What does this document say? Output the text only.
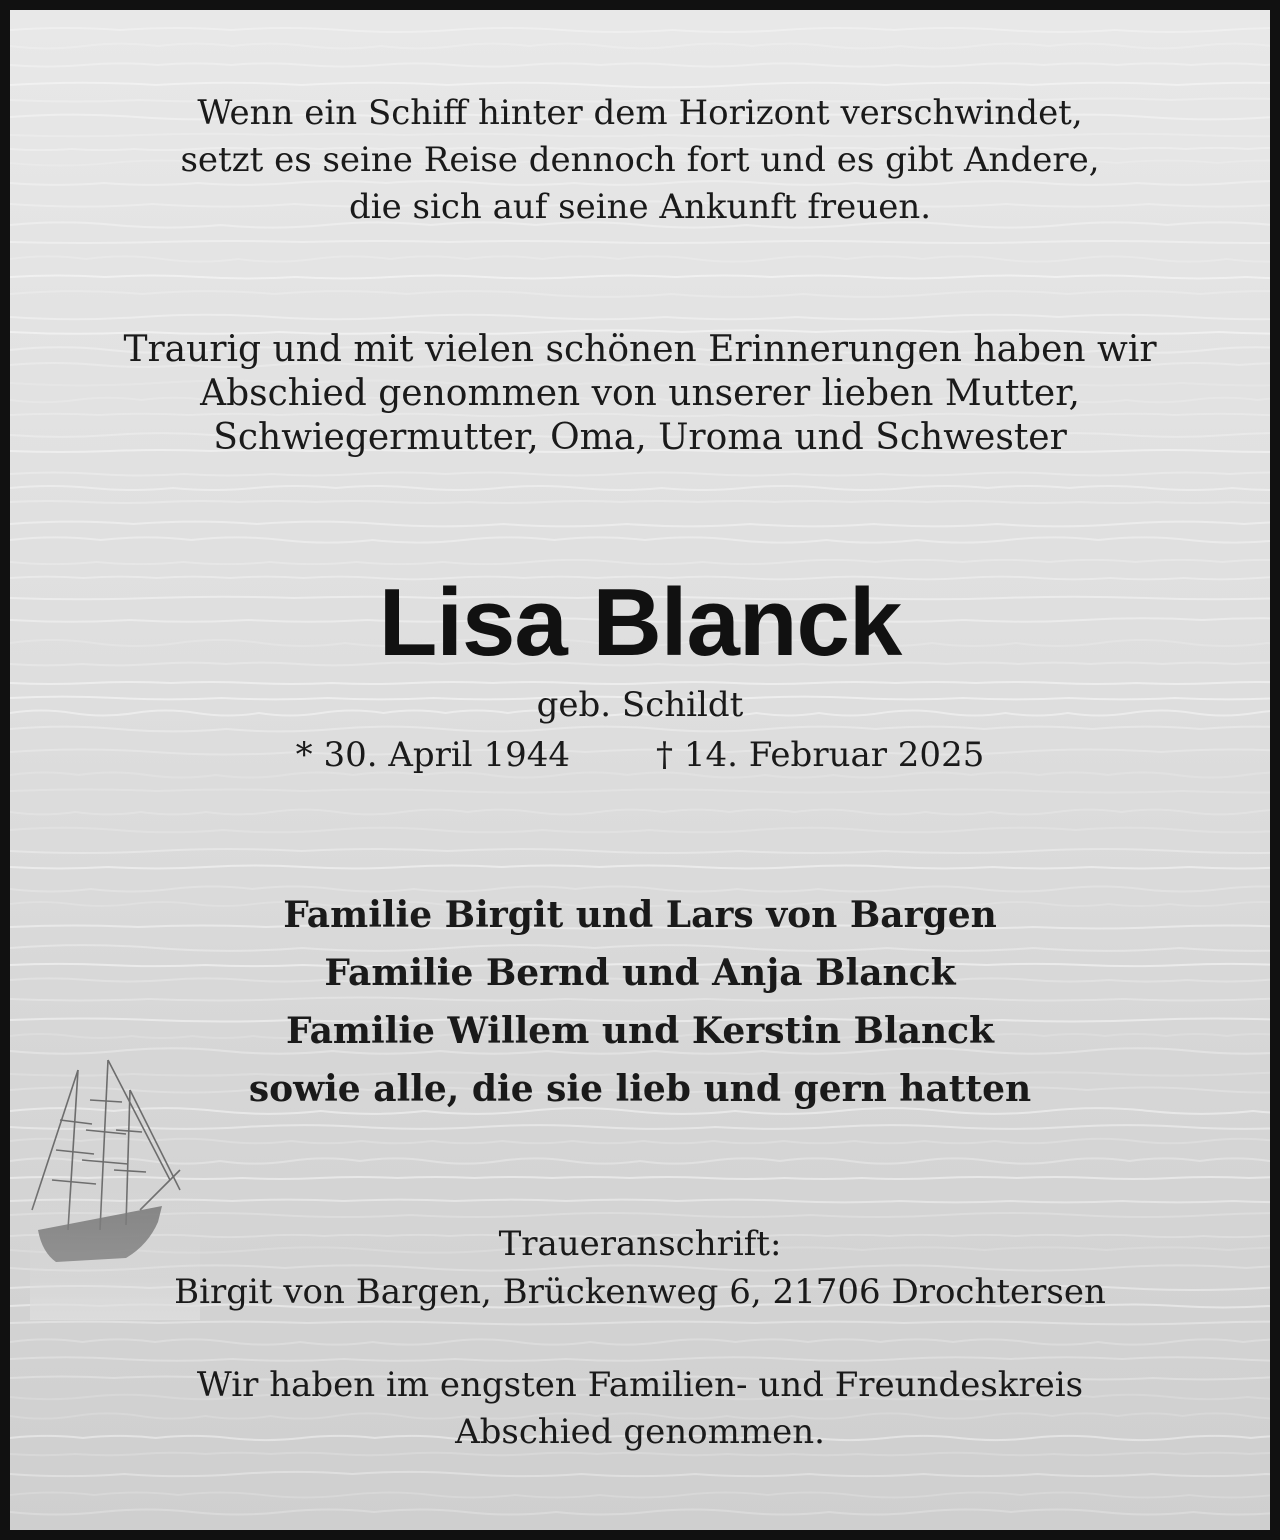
Wenn ein Schiff hinter dem Horizont verschwindet,
setzt es seine Reise dennoch fort und es gibt Andere,
die sich auf seine Ankunft freuen.
Traurig und mit vielen schönen Erinnerungen haben wir
Abschied genommen von unserer lieben Mutter,
Schwiegermutter, Oma, Uroma und Schwester
Lisa Blanck
geb. Schildt
* 30. April 1944	† 14. Februar 2025
Familie Birgit und Lars von Bargen
Familie Bernd und Anja Blanck
Familie Willem und Kerstin Blanck
sowie alle, die sie lieb und gern hatten
Traueranschrift:
Birgit von Bargen, Brückenweg 6, 21706 Drochtersen
Wir haben im engsten Familien- und Freundeskreis
Abschied genommen.
